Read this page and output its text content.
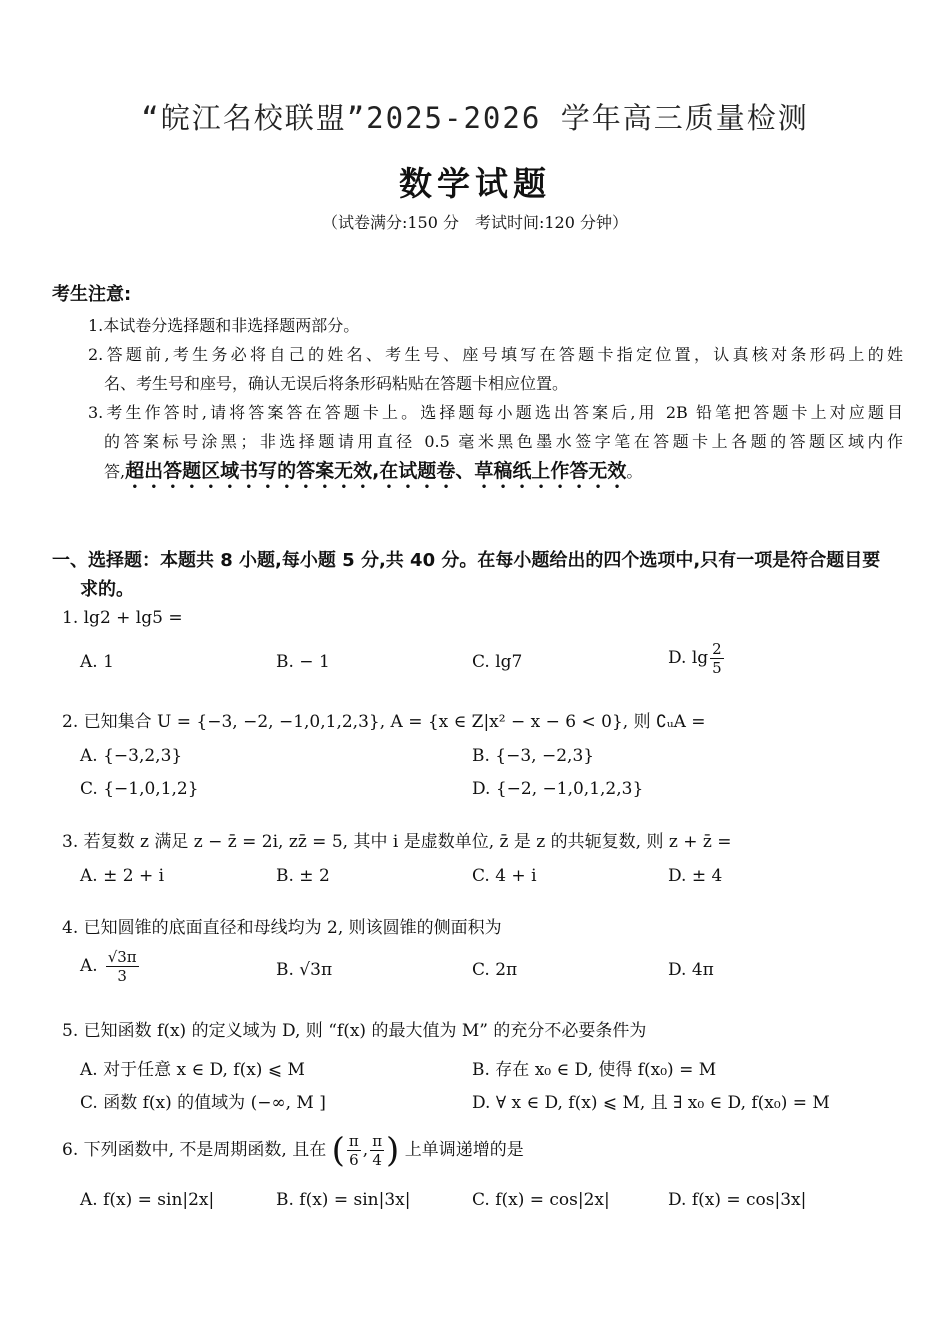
“皖江名校联盟”2025-2026 学年高三质量检测
数学试题
（试卷满分:150 分　考试时间:120 分钟）
考生注意:
1.本试卷分选择题和非选择题两部分。
2.答题前,考生务必将自己的姓名、考生号、座号填写在答题卡指定位置，认真核对条形码上的姓
名、考生号和座号，确认无误后将条形码粘贴在答题卡相应位置。
3.考生作答时,请将答案答在答题卡上。选择题每小题选出答案后,用 2B 铅笔把答题卡上对应题目
的答案标号涂黑；非选择题请用直径 0.5 毫米黑色墨水签字笔在答题卡上各题的答题区域内作
答,超出答题区域书写的答案无效,在试题卷、草稿纸上作答无效。
一、选择题：本题共 8 小题,每小题 5 分,共 40 分。在每小题给出的四个选项中,只有一项是符合题目要
求的。
1. lg2 + lg5 =
A. 1	B. − 1	C. lg7	D. $\lg \frac{2}{5}$
2. 已知集合 U = {−3, −2, −1,0,1,2,3}, A = {x ∈ Z|x² − x − 6 < 0}, 则 ∁ᵤA =
A. {−3,2,3}	B. {−3, −2,3}
C. {−1,0,1,2}	D. {−2, −1,0,1,2,3}
3. 若复数 z 满足 z − z̄ = 2i, zz̄ = 5, 其中 i 是虚数单位, z̄ 是 z 的共轭复数, 则 z + z̄ =
A. ± 2 + i	B. ± 2	C. 4 + i	D. ± 4
4. 已知圆锥的底面直径和母线均为 2, 则该圆锥的侧面积为
A. $\frac{√3\pi}{3}$	B. √3π	C. 2π	D. 4π
5. 已知函数 f(x) 的定义域为 D, 则 “f(x) 的最大值为 M” 的充分不必要条件为
A. 对于任意 x ∈ D, f(x) ⩽ M	B. 存在 x₀ ∈ D, 使得 f(x₀) = M
C. 函数 f(x) 的值域为 (−∞, M ]	D. ∀ x ∈ D, f(x) ⩽ M, 且 ∃ x₀ ∈ D, f(x₀) = M
6. 下列函数中, 不是周期函数, 且在 ( $\frac{\pi}{6}$ , $\frac{\pi}{4}$ ) 上单调递增的是
A. f(x) = sin|2x|	B. f(x) = sin|3x|	C. f(x) = cos|2x|	D. f(x) = cos|3x|
